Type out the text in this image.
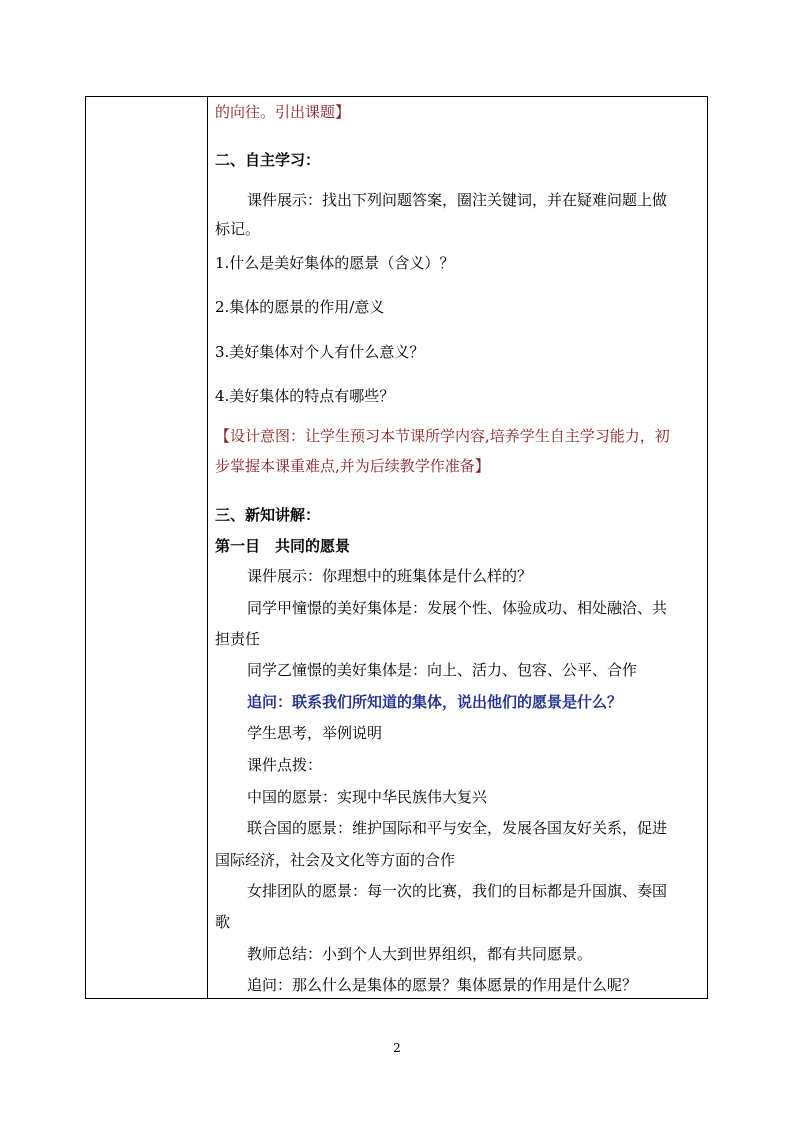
的向往。引出课题】
二、自主学习：
课件展示：找出下列问题答案，圈注关键词，并在疑难问题上做
标记。
1.什么是美好集体的愿景（含义）？
2.集体的愿景的作用/意义
3.美好集体对个人有什么意义？
4.美好集体的特点有哪些？
【设计意图：让学生预习本节课所学内容,培养学生自主学习能力，初
步掌握本课重难点,并为后续教学作准备】
三、新知讲解：
第一目　共同的愿景
课件展示：你理想中的班集体是什么样的？
同学甲憧憬的美好集体是：发展个性、体验成功、相处融洽、共
担责任
同学乙憧憬的美好集体是：向上、活力、包容、公平、合作
追问：联系我们所知道的集体，说出他们的愿景是什么？
学生思考，举例说明
课件点拨：
中国的愿景：实现中华民族伟大复兴
联合国的愿景：维护国际和平与安全，发展各国友好关系，促进
国际经济，社会及文化等方面的合作
女排团队的愿景：每一次的比赛，我们的目标都是升国旗、奏国
歌
教师总结：小到个人大到世界组织，都有共同愿景。
追问：那么什么是集体的愿景？集体愿景的作用是什么呢？
2
